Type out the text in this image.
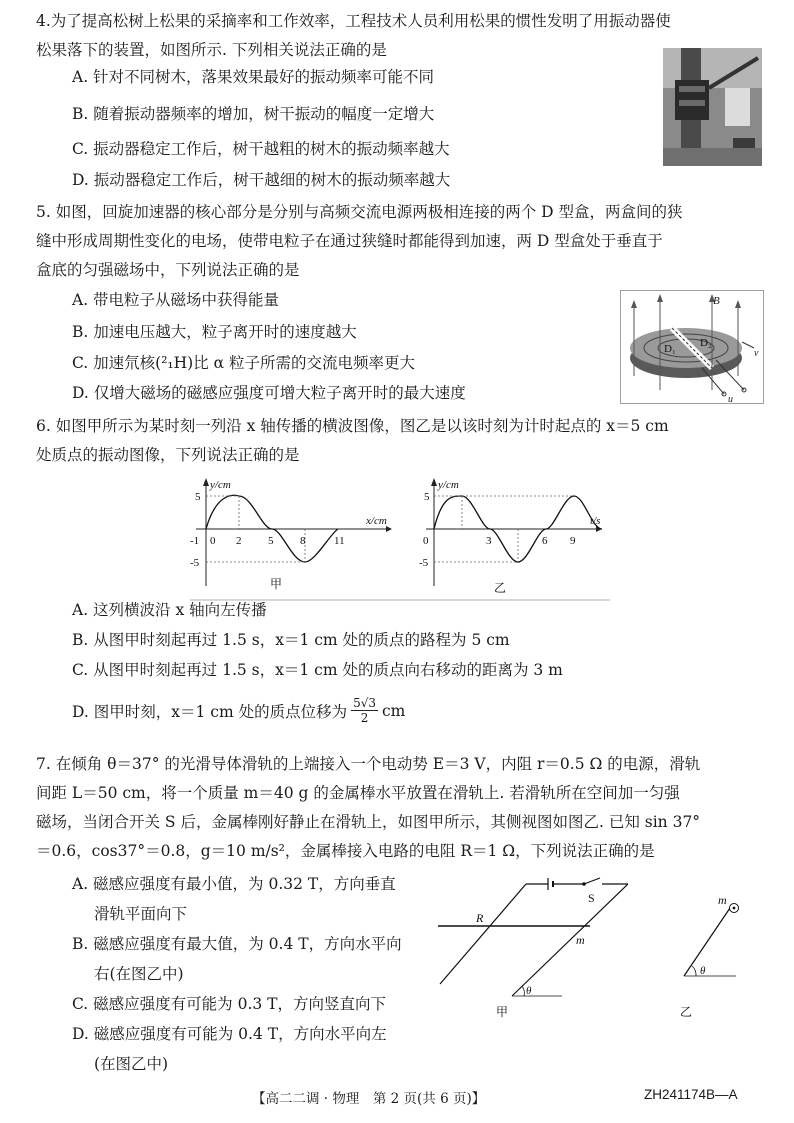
4.为了提高松树上松果的采摘率和工作效率，工程技术人员利用松果的惯性发明了用振动器使
松果落下的装置，如图所示. 下列相关说法正确的是
A. 针对不同树木，落果效果最好的振动频率可能不同
B. 随着振动器频率的增加，树干振动的幅度一定增大
C. 振动器稳定工作后，树干越粗的树木的振动频率越大
D. 振动器稳定工作后，树干越细的树木的振动频率越大
5. 如图，回旋加速器的核心部分是分别与高频交流电源两极相连接的两个 D 型盒，两盒间的狭
缝中形成周期性变化的电场，使带电粒子在通过狭缝时都能得到加速，两 D 型盒处于垂直于
盒底的匀强磁场中，下列说法正确的是
A. 带电粒子从磁场中获得能量
B. 加速电压越大，粒子离开时的速度越大
C. 加速氘核(²₁H)比 α 粒子所需的交流电频率更大
D. 仅增大磁场的磁感应强度可增大粒子离开时的最大速度
B
D₁ D₂
v
u
6. 如图甲所示为某时刻一列沿 x 轴传播的横波图像，图乙是以该时刻为计时起点的 x＝5 cm
处质点的振动图像，下列说法正确的是
y/cm
x/cm
5
-5
-1 0 2 5 8	11
甲
y/cm
t/s
5
-5
0	3	6 9
乙
A. 这列横波沿 x 轴向左传播
B. 从图甲时刻起再过 1.5 s，x＝1 cm 处的质点的路程为 5 cm
C. 从图甲时刻起再过 1.5 s，x＝1 cm 处的质点向右移动的距离为 3 m
D. 图甲时刻，x＝1 cm 处的质点位移为 $\frac{5√3}{2}$ cm
7. 在倾角 θ＝37° 的光滑导体滑轨的上端接入一个电动势 E＝3 V，内阻 r＝0.5 Ω 的电源，滑轨
间距 L＝50 cm，将一个质量 m＝40 g 的金属棒水平放置在滑轨上. 若滑轨所在空间加一匀强
磁场，当闭合开关 S 后，金属棒刚好静止在滑轨上，如图甲所示，其侧视图如图乙. 已知 sin 37°
＝0.6，cos37°＝0.8，g＝10 m/s²，金属棒接入电路的电阻 R＝1 Ω，下列说法正确的是
A. 磁感应强度有最小值，为 0.32 T，方向垂直
滑轨平面向下
B. 磁感应强度有最大值，为 0.4 T，方向水平向
右(在图乙中)
C. 磁感应强度有可能为 0.3 T，方向竖直向下
D. 磁感应强度有可能为 0.4 T，方向水平向左
(在图乙中)
S
R
m
θ
甲
m
θ
乙
【高二二调 · 物理　第 2 页(共 6 页)】	ZH241174B—A
